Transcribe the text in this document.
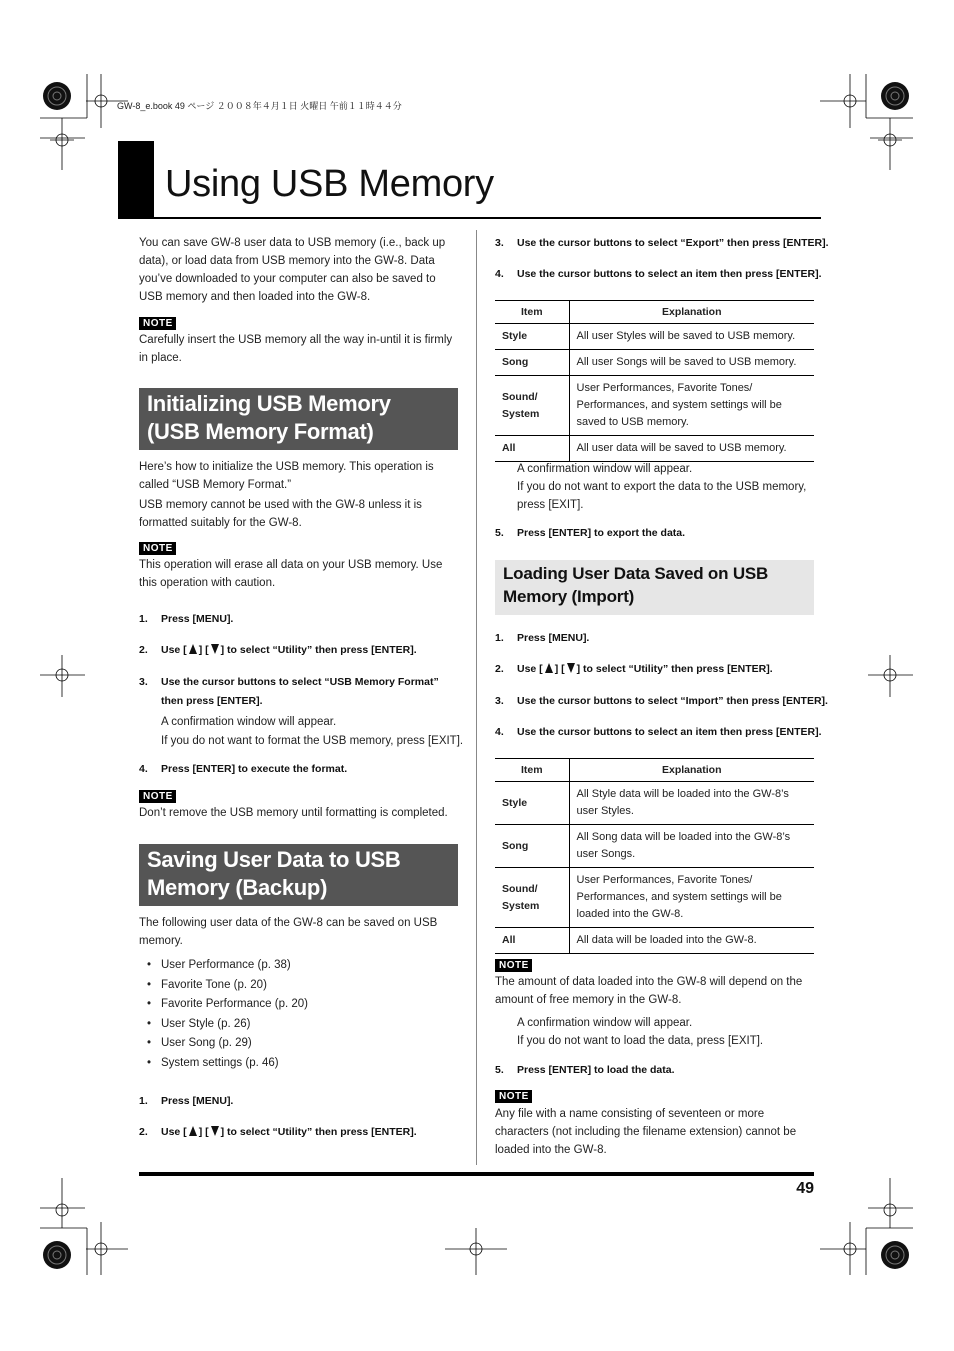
GW-8_e.book 49 ページ ２００８年４月１日 火曜日 午前１１時４４分
Using USB Memory

You can save GW-8 user data to USB memory (i.e., back up data), or load data from USB memory into the GW-8. Data you’ve downloaded to your computer can also be saved to USB memory and then loaded into the GW-8.

NOTE

Carefully insert the USB memory all the way in-until it is firmly in place.

Initializing USB Memory
(USB Memory Format)

Here’s how to initialize the USB memory. This operation is called “USB Memory Format.”

USB memory cannot be used with the GW-8 unless it is formatted suitably for the GW-8.

NOTE

This operation will erase all data on your USB memory. Use this operation with caution.

1. Press [MENU].
2. Use [ ] [ ] to select “Utility” then press [ENTER].
3. Use the cursor buttons to select “USB Memory Format”
then press [ENTER].

A confirmation window will appear.

If you do not want to format the USB memory, press [EXIT].

4. Press [ENTER] to execute the format.
NOTE

Don’t remove the USB memory until formatting is completed.

Saving User Data to USB
Memory (Backup)

The following user data of the GW-8 can be saved on USB memory.

• User Performance (p. 38)
• Favorite Tone (p. 20)
• Favorite Performance (p. 20)
• User Style (p. 26)
• User Song (p. 29)
• System settings (p. 46)
1. Press [MENU].
2. Use [ ] [ ] to select “Utility” then press [ENTER].
3. Use the cursor buttons to select “Export” then press [ENTER].
4. Use the cursor buttons to select an item then press [ENTER].
Item	Explanation
Style	All user Styles will be saved to USB memory.
Song	All user Songs will be saved to USB memory.

Sound/
System	User Performances, Favorite Tones/ Performances, and system settings will be saved to USB memory.
All	All user data will be saved to USB memory.

A confirmation window will appear.

If you do not want to export the data to the USB memory, press [EXIT].

5. Press [ENTER] to export the data.
Loading User Data Saved on USB
Memory (Import)
1. Press [MENU].
2. Use [ ] [ ] to select “Utility” then press [ENTER].
3. Use the cursor buttons to select “Import” then press [ENTER].
4. Use the cursor buttons to select an item then press [ENTER].
Item	Explanation
Style	All Style data will be loaded into the GW-8’s user Styles.
Song	All Song data will be loaded into the GW-8’s user Songs.

Sound/
System	User Performances, Favorite Tones/ Performances, and system settings will be loaded into the GW-8.
All	All data will be loaded into the GW-8.
NOTE

The amount of data loaded into the GW-8 will depend on the amount of free memory in the GW-8.

A confirmation window will appear.

If you do not want to load the data, press [EXIT].

5. Press [ENTER] to load the data.
NOTE

Any file with a name consisting of seventeen or more characters (not including the filename extension) cannot be loaded into the GW-8.

49
